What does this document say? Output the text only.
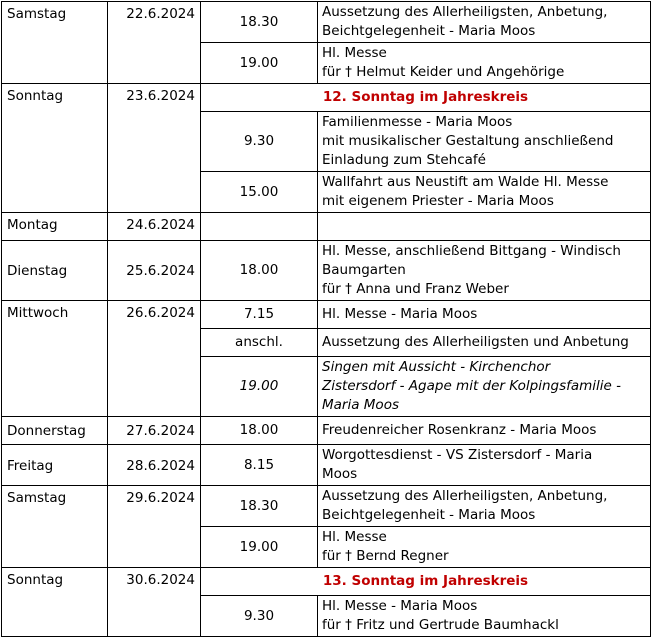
Samstag	22.6.2024	18.30	Aussetzung des Allerheiligsten, Anbetung,
Beichtgelegenheit - Maria Moos

		19.00	Hl. Messe
für † Helmut Keider und Angehörige

Sonntag	23.6.2024	12. Sonntag im Jahreskreis	
		9.30	Familienmesse - Maria Moos
mit musikalischer Gestaltung anschließend
Einladung zum Stehcafé

		15.00	Wallfahrt aus Neustift am Walde Hl. Messe
mit eigenem Priester - Maria Moos

Montag	24.6.2024		

Dienstag	25.6.2024	18.00	Hl. Messe, anschließend Bittgang - Windisch
Baumgarten
für † Anna und Franz Weber

Mittwoch	26.6.2024	7.15	Hl. Messe - Maria Moos

		anschl.	Aussetzung des Allerheiligsten und Anbetung

		19.00	Singen mit Aussicht - Kirchenchor
Zistersdorf - Agape mit der Kolpingsfamilie -
Maria Moos

Donnerstag	27.6.2024	18.00	Freudenreicher Rosenkranz - Maria Moos

Freitag	28.6.2024	8.15	Worgottesdienst - VS Zistersdorf - Maria
Moos

Samstag	29.6.2024	18.30	Aussetzung des Allerheiligsten, Anbetung,
Beichtgelegenheit - Maria Moos

		19.00	Hl. Messe
für † Bernd Regner

Sonntag	30.6.2024	13. Sonntag im Jahreskreis	
		9.30	Hl. Messe - Maria Moos
für † Fritz und Gertrude Baumhackl
